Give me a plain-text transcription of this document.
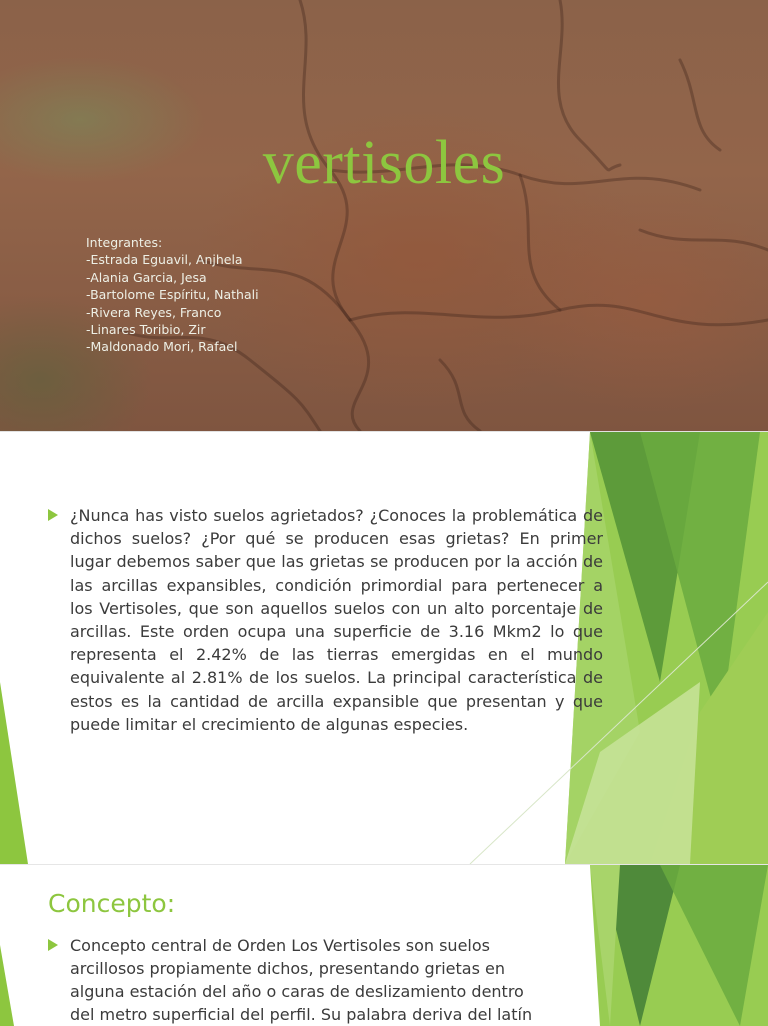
vertisoles
Integrantes:
-Estrada Eguavil, Anjhela
-Alania Garcia, Jesa
-Bartolome Espíritu, Nathali
-Rivera Reyes, Franco
-Linares Toribio, Zir
-Maldonado Mori, Rafael
¿Nunca has visto suelos agrietados? ¿Conoces la problemática de dichos suelos? ¿Por qué se producen esas grietas? En primer lugar debemos saber que las grietas se producen por la acción de las arcillas expansibles, condición primordial para pertenecer a los Vertisoles, que son aquellos suelos con un alto porcentaje de arcillas. Este orden ocupa una superficie de 3.16 Mkm2 lo que representa el 2.42% de las tierras emergidas en el mundo equivalente al 2.81% de los suelos. La principal característica de estos es la cantidad de arcilla expansible que presentan y que puede limitar el crecimiento de algunas especies.
Concepto:
Concepto central de Orden Los Vertisoles son suelos arcillosos propiamente dichos, presentando grietas en alguna estación del año o caras de deslizamiento dentro del metro superficial del perfil. Su palabra deriva del latín
